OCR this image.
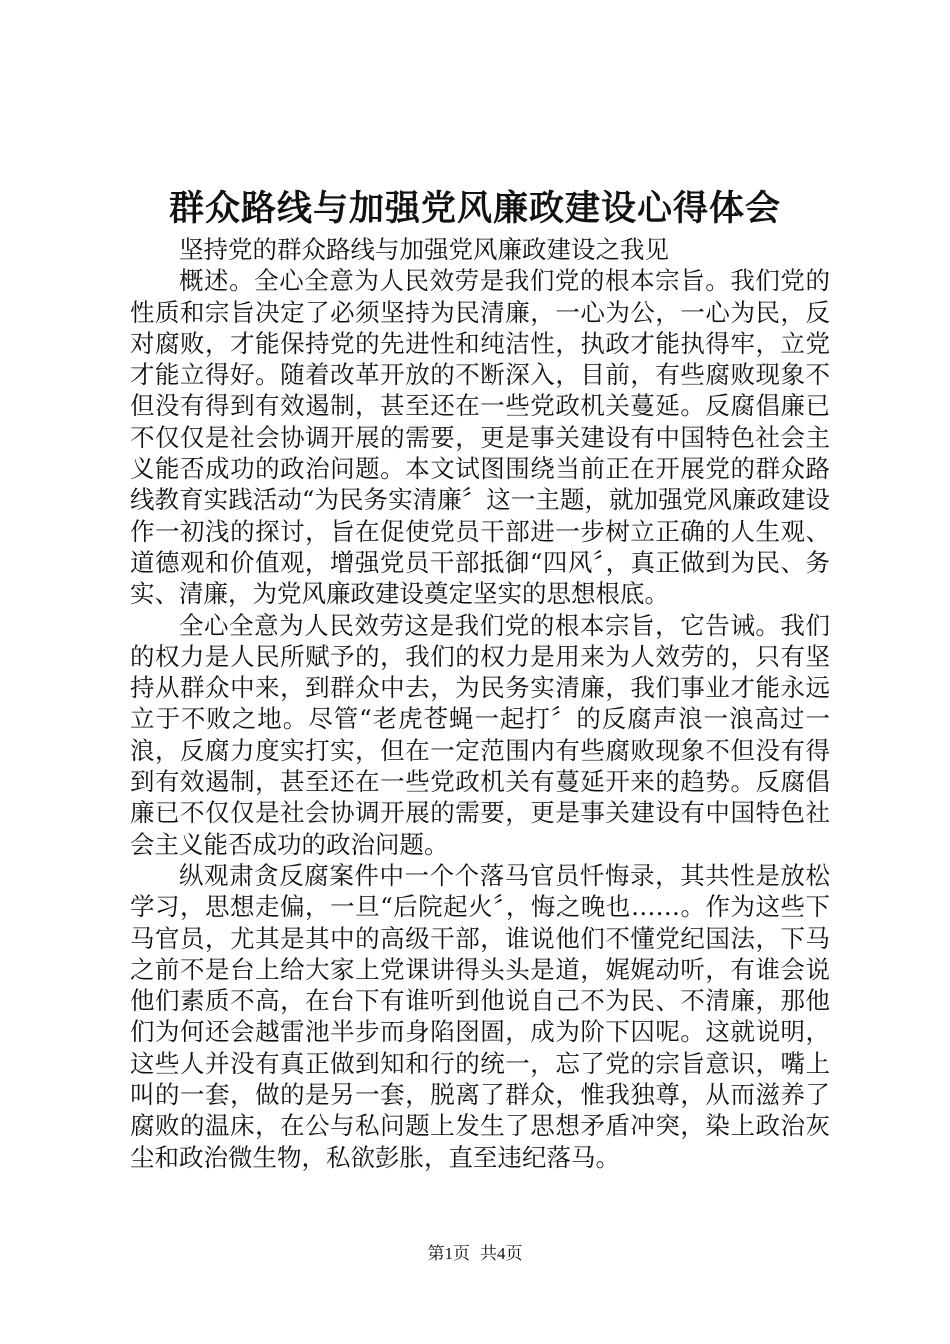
群众路线与加强党风廉政建设心得体会

坚持党的群众路线与加强党风廉政建设之我见

概述。全心全意为人民效劳是我们党的根本宗旨。我们党的性质和宗旨决定了必须坚持为民清廉，一心为公，一心为民，反对腐败，才能保持党的先进性和纯洁性，执政才能执得牢，立党才能立得好。随着改革开放的不断深入，目前，有些腐败现象不但没有得到有效遏制，甚至还在一些党政机关蔓延。反腐倡廉已不仅仅是社会协调开展的需要，更是事关建设有中国特色社会主义能否成功的政治问题。本文试图围绕当前正在开展党的群众路线教育实践活动“为民务实清廉〞这一主题，就加强党风廉政建设作一初浅的探讨，旨在促使党员干部进一步树立正确的人生观、道德观和价值观，增强党员干部抵御“四风〞，真正做到为民、务实、清廉，为党风廉政建设奠定坚实的思想根底。

全心全意为人民效劳这是我们党的根本宗旨，它告诫。我们的权力是人民所赋予的，我们的权力是用来为人效劳的，只有坚持从群众中来，到群众中去，为民务实清廉，我们事业才能永远立于不败之地。尽管“老虎苍蝇一起打〞的反腐声浪一浪高过一浪，反腐力度实打实，但在一定范围内有些腐败现象不但没有得到有效遏制，甚至还在一些党政机关有蔓延开来的趋势。反腐倡廉已不仅仅是社会协调开展的需要，更是事关建设有中国特色社会主义能否成功的政治问题。

纵观肃贪反腐案件中一个个落马官员忏悔录，其共性是放松学习，思想走偏，一旦“后院起火〞，悔之晚也……。作为这些下马官员，尤其是其中的高级干部，谁说他们不懂党纪国法，下马之前不是台上给大家上党课讲得头头是道，娓娓动听，有谁会说他们素质不高，在台下有谁听到他说自己不为民、不清廉，那他们为何还会越雷池半步而身陷囹圄，成为阶下囚呢。这就说明，这些人并没有真正做到知和行的统一，忘了党的宗旨意识，嘴上叫的一套，做的是另一套，脱离了群众，惟我独尊，从而滋养了腐败的温床，在公与私问题上发生了思想矛盾冲突，染上政治灰尘和政治微生物，私欲彭胀，直至违纪落马。

第1页 共4页
